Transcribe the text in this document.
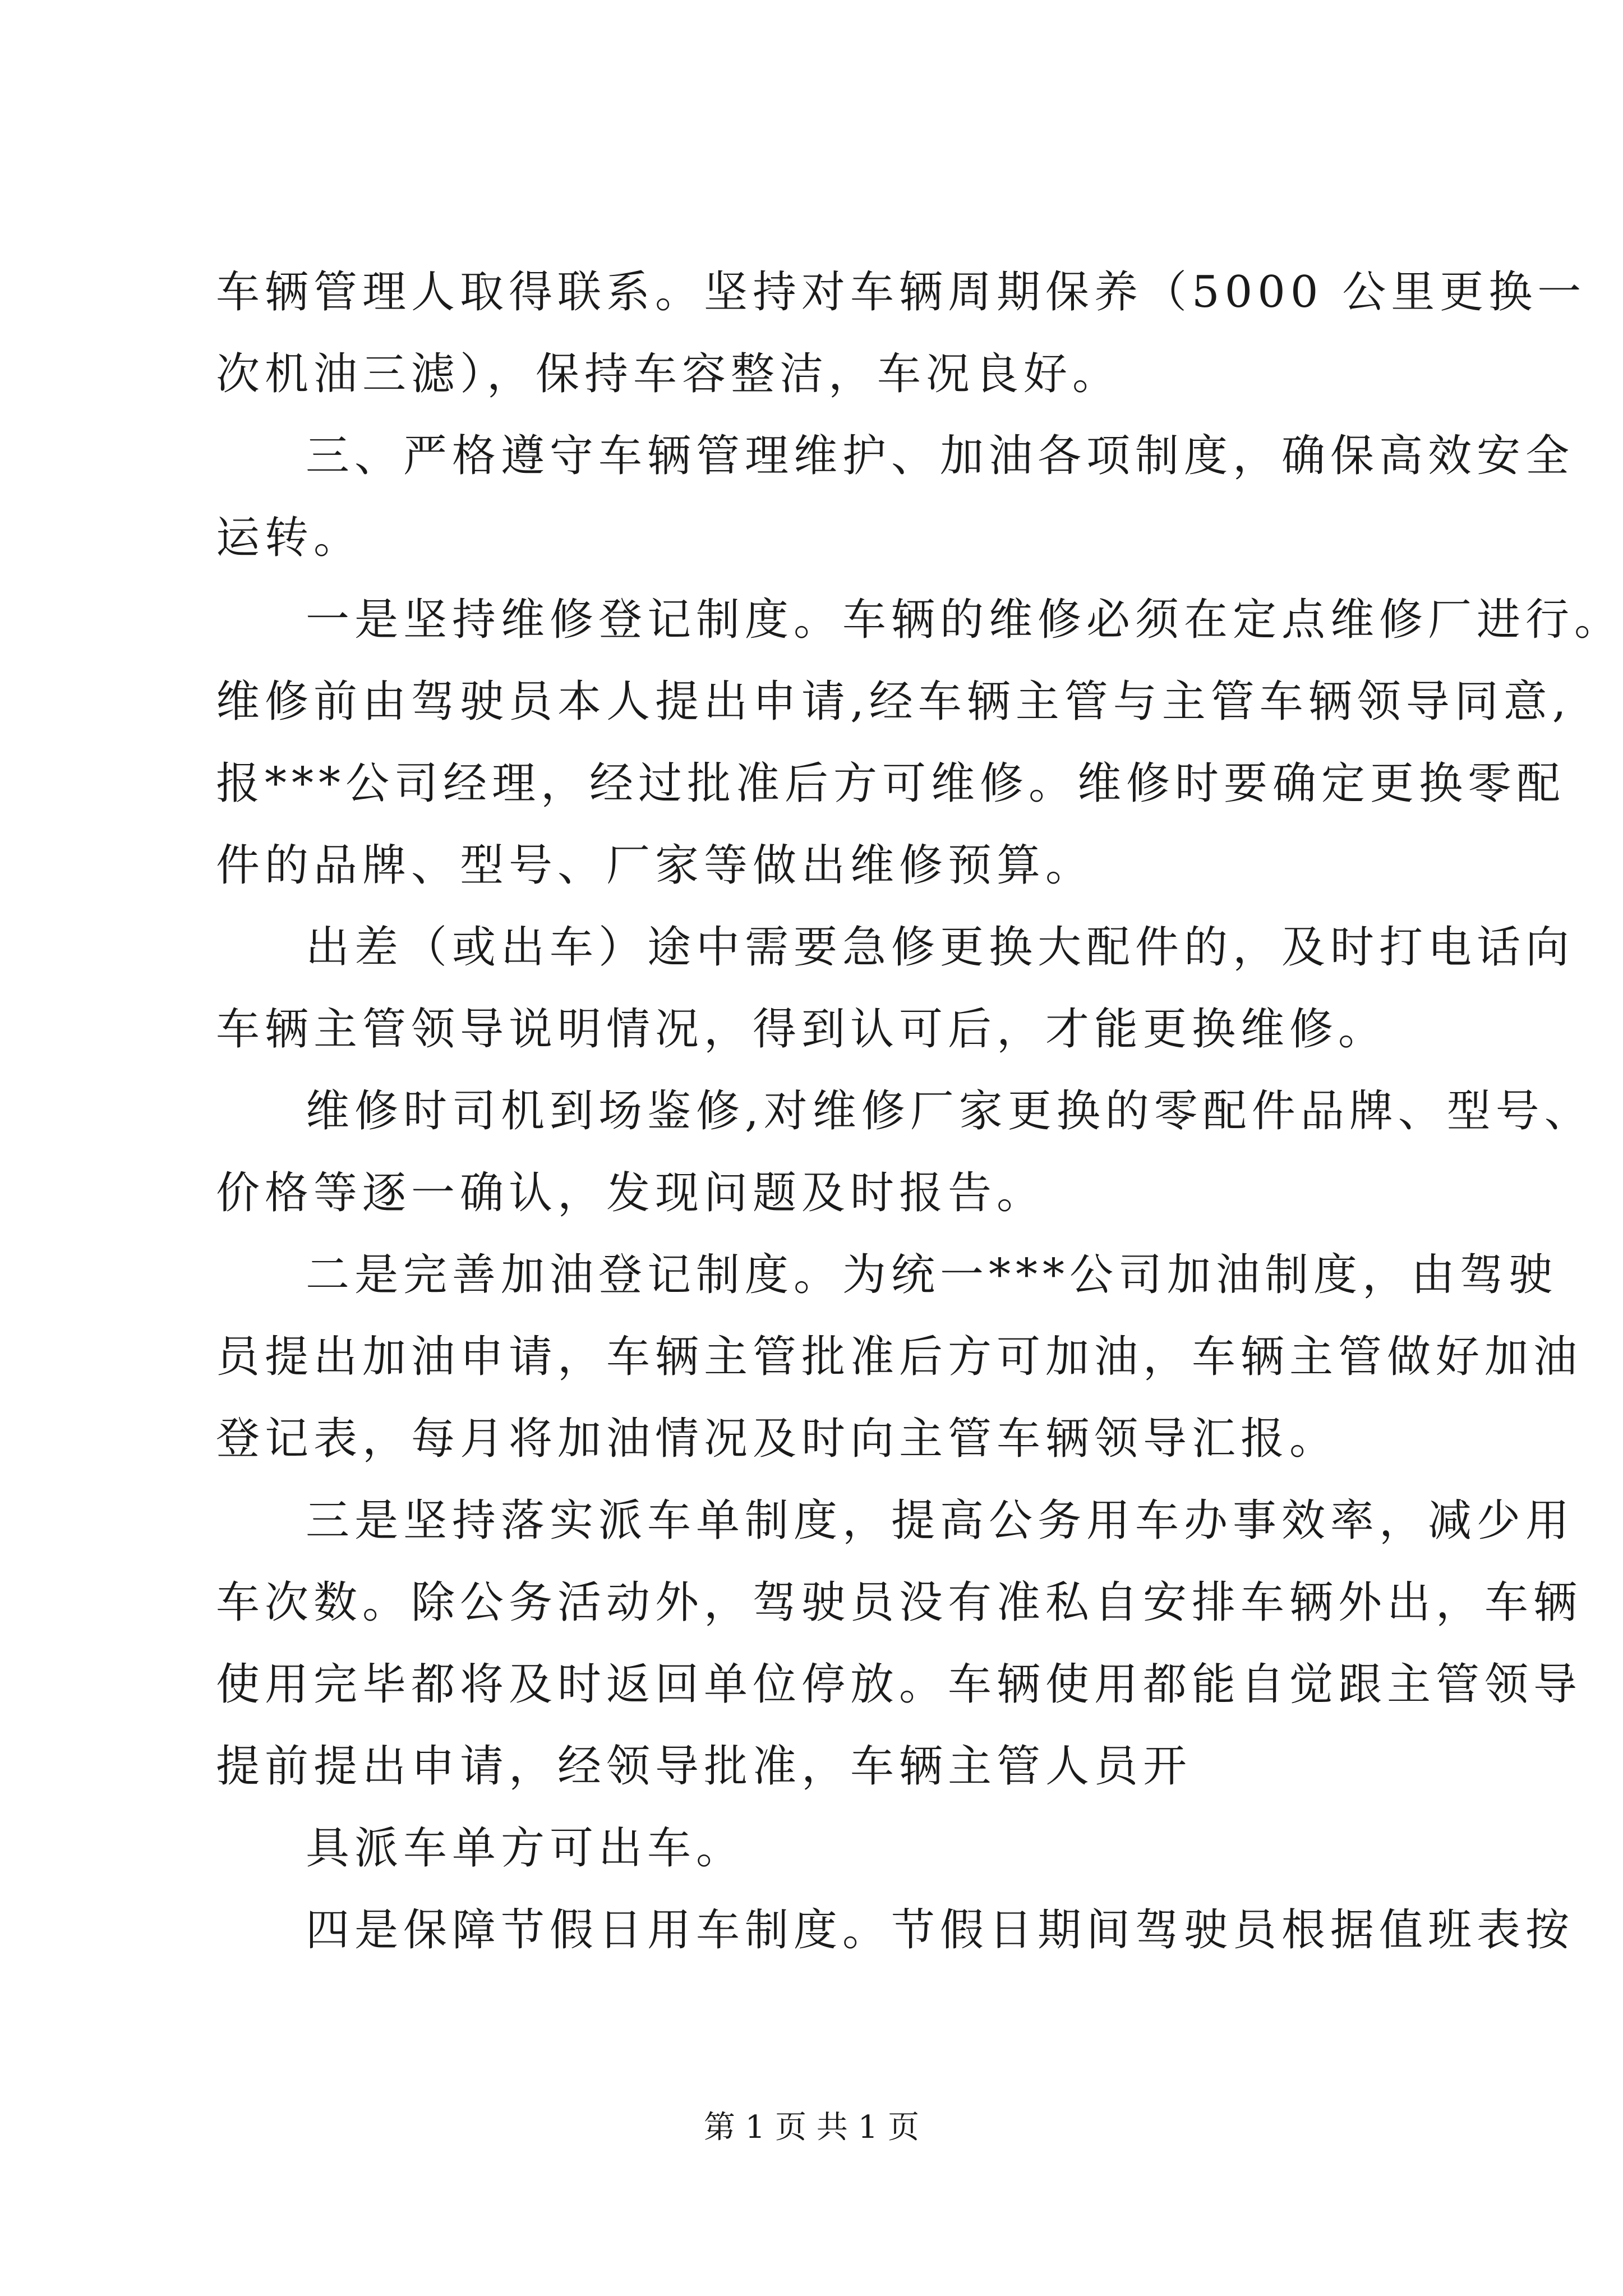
车辆管理人取得联系。坚持对车辆周期保养（5000 公里更换一
次机油三滤），保持车容整洁，车况良好。
三、严格遵守车辆管理维护、加油各项制度，确保高效安全
运转。
一是坚持维修登记制度。车辆的维修必须在定点维修厂进行。
维修前由驾驶员本人提出申请,经车辆主管与主管车辆领导同意,
报***公司经理，经过批准后方可维修。维修时要确定更换零配
件的品牌、型号、厂家等做出维修预算。
出差（或出车）途中需要急修更换大配件的，及时打电话向
车辆主管领导说明情况，得到认可后，才能更换维修。
维修时司机到场鉴修,对维修厂家更换的零配件品牌、型号、
价格等逐一确认，发现问题及时报告。
二是完善加油登记制度。为统一***公司加油制度，由驾驶
员提出加油申请，车辆主管批准后方可加油，车辆主管做好加油
登记表，每月将加油情况及时向主管车辆领导汇报。
三是坚持落实派车单制度，提高公务用车办事效率，减少用
车次数。除公务活动外，驾驶员没有准私自安排车辆外出，车辆
使用完毕都将及时返回单位停放。车辆使用都能自觉跟主管领导
提前提出申请，经领导批准，车辆主管人员开
具派车单方可出车。
四是保障节假日用车制度。节假日期间驾驶员根据值班表按
第 1 页 共 1 页
